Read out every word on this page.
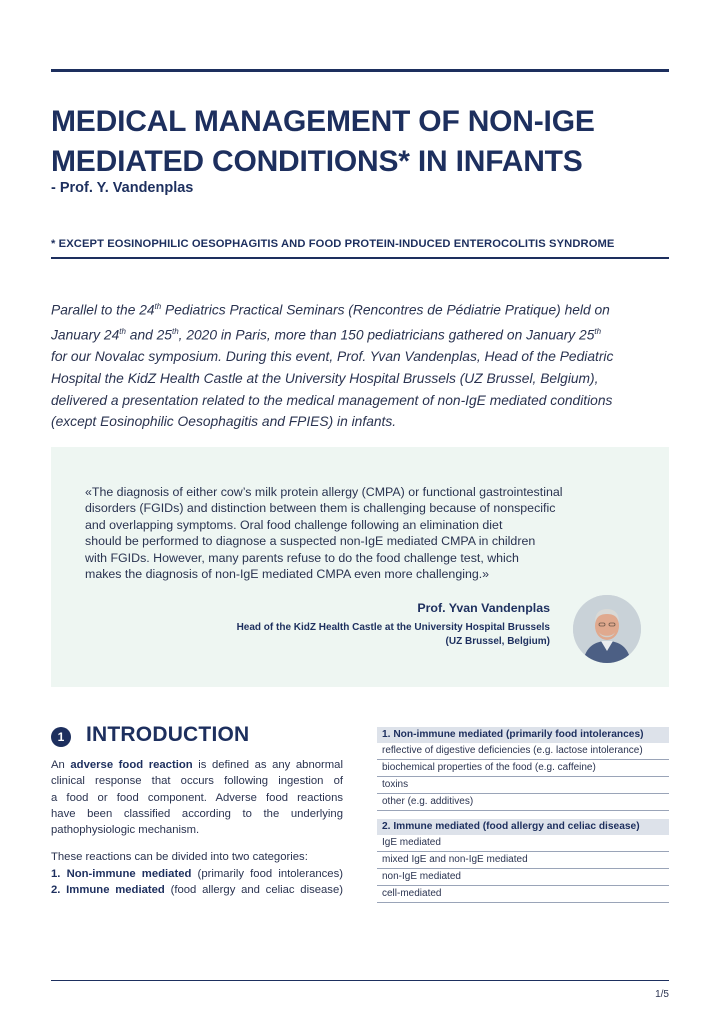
MEDICAL MANAGEMENT OF NON-IGE
MEDIATED CONDITIONS* IN INFANTS
- Prof. Y. Vandenplas
* EXCEPT EOSINOPHILIC OESOPHAGITIS AND FOOD PROTEIN-INDUCED ENTEROCOLITIS SYNDROME
Parallel to the 24th Pediatrics Practical Seminars (Rencontres de Pédiatrie Pratique) held on
January 24th and 25th, 2020 in Paris, more than 150 pediatricians gathered on January 25th
for our Novalac symposium. During this event, Prof. Yvan Vandenplas, Head of the Pediatric
Hospital the KidZ Health Castle at the University Hospital Brussels (UZ Brussel, Belgium),
delivered a presentation related to the medical management of non-IgE mediated conditions
(except Eosinophilic Oesophagitis and FPIES) in infants.
«The diagnosis of either cow’s milk protein allergy (CMPA) or functional gastrointestinal
disorders (FGIDs) and distinction between them is challenging because of nonspecific
and overlapping symptoms. Oral food challenge following an elimination diet
should be performed to diagnose a suspected non-IgE mediated CMPA in children
with FGIDs. However, many parents refuse to do the food challenge test, which
makes the diagnosis of non-IgE mediated CMPA even more challenging.»
Prof. Yvan Vandenplas
Head of the KidZ Health Castle at the University Hospital Brussels
(UZ Brussel, Belgium)
1	INTRODUCTION
An adverse food reaction is defined as any abnormal
clinical response that occurs following ingestion of
a food or food component. Adverse food reactions
have been classified according to the underlying
pathophysiologic mechanism.
These reactions can be divided into two categories:
1. Non-immune mediated (primarily food intolerances)
2. Immune mediated (food allergy and celiac disease)
1. Non-immune mediated (primarily food intolerances)
reflective of digestive deficiencies (e.g. lactose intolerance)
biochemical properties of the food (e.g. caffeine)
toxins
other (e.g. additives)
2. Immune mediated (food allergy and celiac disease)
IgE mediated
mixed IgE and non-IgE mediated
non-IgE mediated
cell-mediated
1/5
